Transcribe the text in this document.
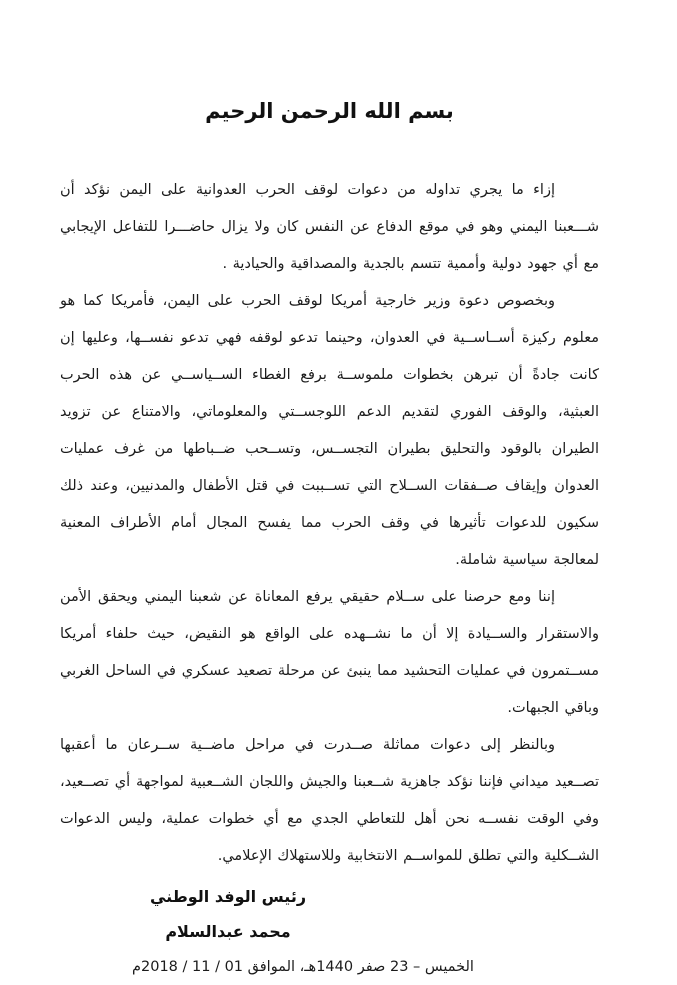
بسم الله الرحمن الرحيم

إزاء ما يجري تداوله من دعوات لوقف الحرب العدوانية على اليمن نؤكد أن شـــعبنا اليمني وهو في موقع الدفاع عن النفس كان ولا يزال حاضـــرا للتفاعل الإيجابي مع أي جهود دولية وأممية تتسم بالجدية والمصداقية والحيادية .

وبخصوص دعوة وزير خارجية أمريكا لوقف الحرب على اليمن، فأمريكا كما هو معلوم ركيزة أســاســية في العدوان، وحينما تدعو لوقفه فهي تدعو نفســها، وعليها إن كانت جادةً أن تبرهن بخطوات ملموســة برفع الغطاء الســياســي عن هذه الحرب العبثية، والوقف الفوري لتقديم الدعم اللوجســتي والمعلوماتي، والامتناع عن تزويد الطيران بالوقود والتحليق بطيران التجســس، وتســحب ضــباطها من غرف عمليات العدوان وإيقاف صــفقات الســلاح التي تســببت في قتل الأطفال والمدنيين، وعند ذلك سكيون للدعوات تأثيرها في وقف الحرب مما يفسح المجال أمام الأطراف المعنية لمعالجة سياسية شاملة.

إننا ومع حرصنا على ســلام حقيقي يرفع المعاناة عن شعبنا اليمني ويحقق الأمن والاستقرار والســيادة إلا أن ما نشــهده على الواقع هو النقيض، حيث حلفاء أمريكا مســتمرون في عمليات التحشيد مما ينبئ عن مرحلة تصعيد عسكري في الساحل الغربي وباقي الجبهات.

وبالنظر إلى دعوات مماثلة صــدرت في مراحل ماضــية ســرعان ما أعقبها تصــعيد ميداني فإننا نؤكد جاهزية شــعبنا والجيش واللجان الشــعبية لمواجهة أي تصــعيد، وفي الوقت نفســه نحن أهل للتعاطي الجدي مع أي خطوات عملية، وليس الدعوات الشــكلية والتي تطلق للمواســم الانتخابية وللاستهلاك الإعلامي.

رئيس الوفد الوطني
محمد عبدالسلام
الخميس – 23 صفر 1440هـ، الموافق 01 / 11 / 2018م
